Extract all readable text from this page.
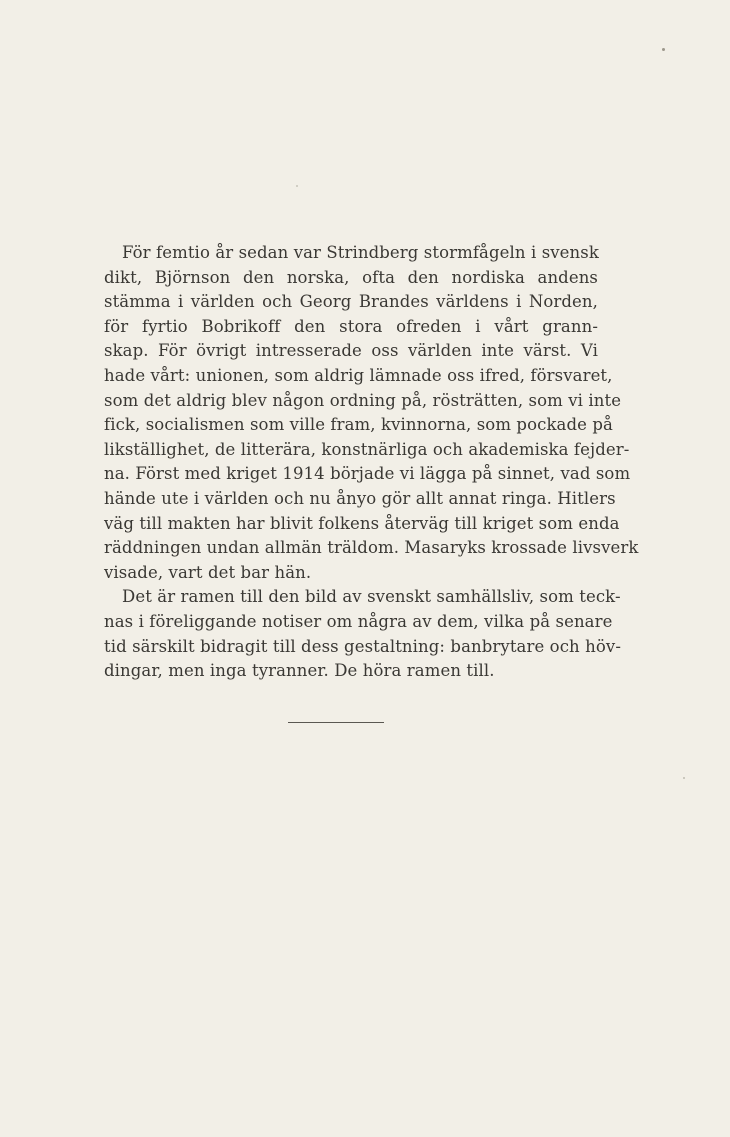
För femtio år sedan var Strindberg stormfågeln i svensk
dikt, Björnson den norska, ofta den nordiska andens
stämma i världen och Georg Brandes världens i Norden,
för fyrtio Bobrikoff den stora ofreden i vårt grann-
skap. För övrigt intresserade oss världen inte värst. Vi
hade vårt: unionen, som aldrig lämnade oss ifred, försvaret,
som det aldrig blev någon ordning på, rösträtten, som vi inte
fick, socialismen som ville fram, kvinnorna, som pockade på
likställighet, de litterära, konstnärliga och akademiska fejder-
na. Först med kriget 1914 började vi lägga på sinnet, vad som
hände ute i världen och nu ånyo gör allt annat ringa. Hitlers
väg till makten har blivit folkens återväg till kriget som enda
räddningen undan allmän träldom. Masaryks krossade livsverk
visade, vart det bar hän.
Det är ramen till den bild av svenskt samhällsliv, som teck-
nas i föreliggande notiser om några av dem, vilka på senare
tid särskilt bidragit till dess gestaltning: banbrytare och höv-
dingar, men inga tyranner. De höra ramen till.
